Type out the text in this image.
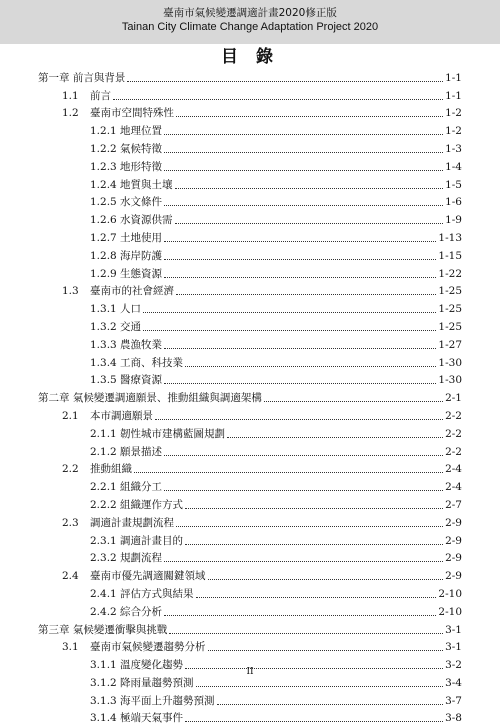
臺南市氣候變遷調適計畫2020修正版
Tainan City Climate Change Adaptation Project 2020
目 錄
第一章 前言與背景	1-1
1.1	前言	1-1
1.2	臺南市空間特殊性	1-2
1.2.1 地理位置	1-2
1.2.2 氣候特徵	1-3
1.2.3 地形特徵	1-4
1.2.4 地質與土壤	1-5
1.2.5 水文條件	1-6
1.2.6 水資源供需	1-9
1.2.7 土地使用	1-13
1.2.8 海岸防護	1-15
1.2.9 生態資源	1-22
1.3	臺南市的社會經濟	1-25
1.3.1 人口	1-25
1.3.2 交通	1-25
1.3.3 農漁牧業	1-27
1.3.4 工商、科技業	1-30
1.3.5 醫療資源	1-30
第二章 氣候變遷調適願景、推動組織與調適架構	2-1
2.1	本市調適願景	2-2
2.1.1 韌性城市建構藍圖規劃	2-2
2.1.2 願景描述	2-2
2.2	推動組織	2-4
2.2.1 組織分工	2-4
2.2.2 組織運作方式	2-7
2.3	調適計畫規劃流程	2-9
2.3.1 調適計畫目的	2-9
2.3.2 規劃流程	2-9
2.4	臺南市優先調適關鍵領域	2-9
2.4.1 評估方式與結果	2-10
2.4.2 綜合分析	2-10
第三章 氣候變遷衝擊與挑戰	3-1
3.1	臺南市氣候變遷趨勢分析	3-1
3.1.1 溫度變化趨勢	3-2
3.1.2 降雨量趨勢預測	3-4
3.1.3 海平面上升趨勢預測	3-7
3.1.4 極端天氣事件	3-8
II
